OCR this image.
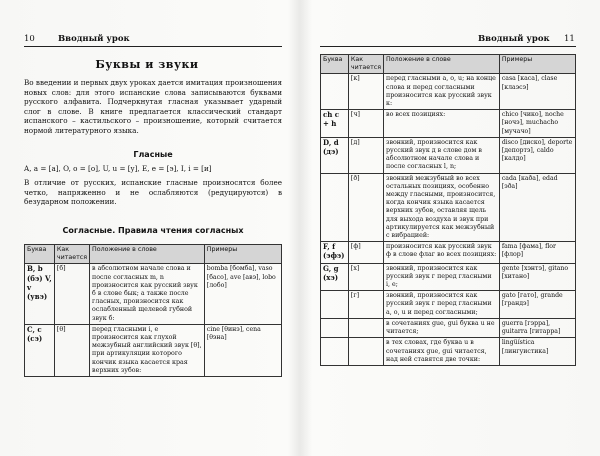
10	Вводный урок
Буквы и звуки
Во введении и первых двух уроках дается имитация произношения новых слов: для этого испанские слова записываются буквами русского алфавита. Подчеркнутая гласная указывает ударный слог в слове. В книге предлагается классический стандарт испанского – кастильского – произношение, который считается нормой литературного языка.
Гласные
A, a = [a], O, o = [o], U, u = [y], E, e = [э], I, i = [и]
В отличие от русских, испанские гласные произносятся более четко, напряженно и не ослабляются (редуцируются) в безударном положении.
Согласные. Правила чтения согласных
Буква	Как читается	Положение в слове	Примеры
B, b (бэ) V, v (увэ)	[б]	в абсолютном начале слова и после согласных m, n произносится как русский звук б в слове бык; а также после гласных, произносится как ослабленный щелевой губной звук б:	bomba [бомба], vaso [басо], ave [авэ], lobo [лобо]
C, c (сэ)	[θ]	перед гласными i, e произносится как глухой межзубный английский звук [θ], при артикуляции которого кончик языка касается края верхних зубов:	cine [θинэ], cena [θэна]
Вводный урок 11
Буква	Как читается	Положение в слове	Примеры
	[к]	перед гласными a, o, u; на конце слова и перед согласными произносится как русский звук к:	casa [каса], clase [клаэсэ]
ch c + h	[ч]	во всех позициях:	chico [чико], noche [ночэ], muchacho [мучачо]
D, d (дэ)	[д]	звонкий, произносится как русский звук д в слове дом в абсолютном начале слова и после согласных l, n;	disco [диско], deporte [депортэ], caldo [калдо]
	[ð]	звонкий межзубный во всех остальных позициях, особенно между гласными, произносится, когда кончик языка касается верхних зубов, оставляя щель для выхода воздуха и звук при артикулируется как межзубный с вибрацией:	cada [каða], edad [эðа]
F, f (эфэ)	[ф]	произносится как русский звук ф в слове флаг во всех позициях:	fama [фама], flor [флор]
G, g (хэ)	[х]	звонкий, произносится как русский звук г перед гласными i, e;	gente [хэнтэ], gitano [хитано]
	[г]	звонкий, произносится как русский звук г перед гласными a, o, u и перед согласными;	gato [гато], grande [грандэ]
		в сочетаниях gue, gui буква u не читается;	guerra [гэрра], guitarra [гитарра]
		в тех словах, где буква u в сочетаниях gue, gui читается, над ней ставятся две точки:	lingüística [лингуистика]
